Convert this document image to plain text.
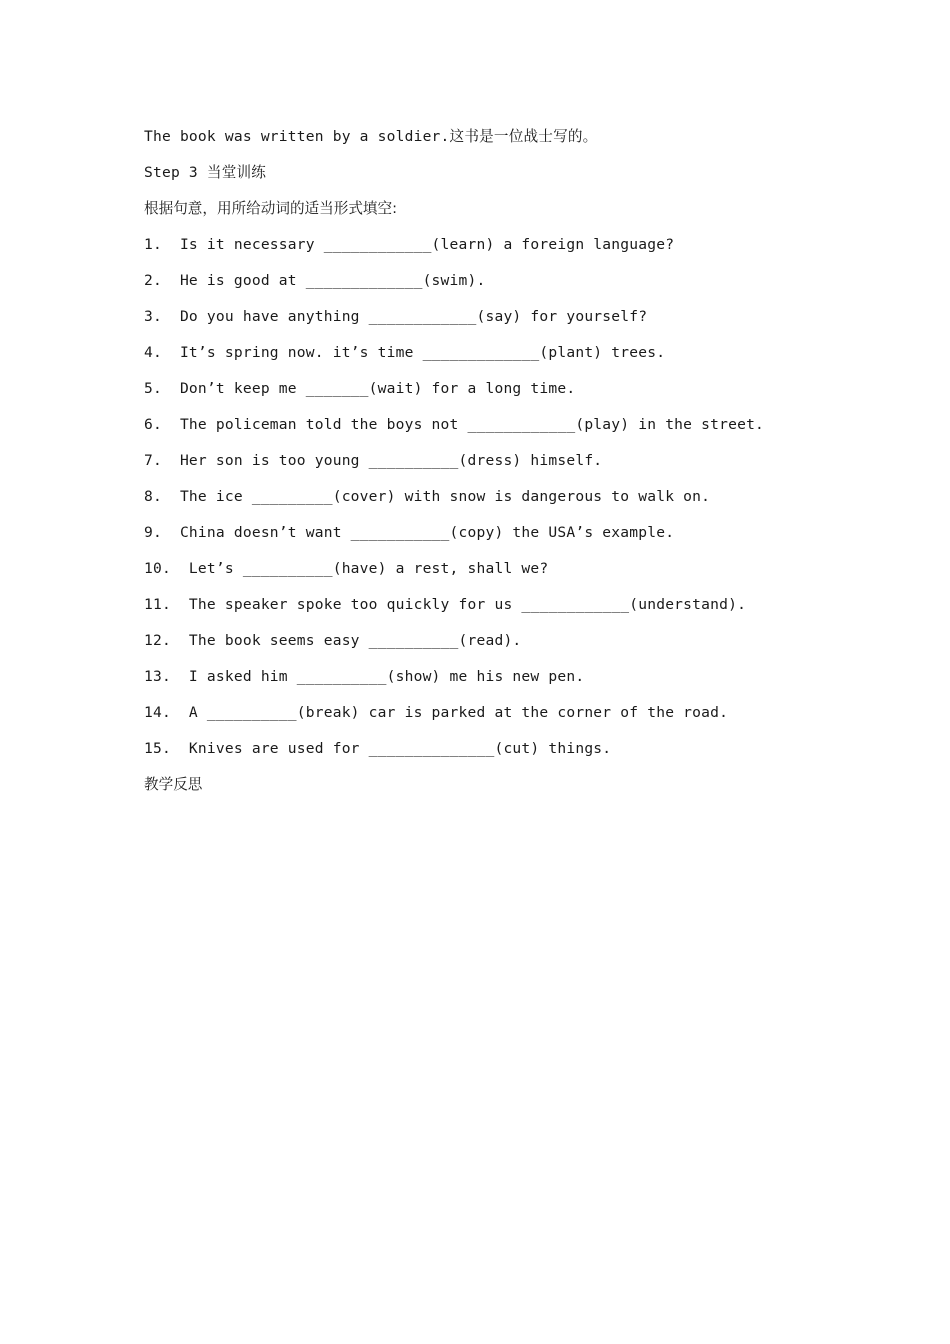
The book was written by a soldier.这书是一位战士写的。
Step 3 当堂训练
根据句意，用所给动词的适当形式填空:
1.  Is it necessary ____________(learn) a foreign language?
2.  He is good at _____________(swim).
3.  Do you have anything ____________(say) for yourself?
4.  It’s spring now. it’s time _____________(plant) trees.
5.  Don’t keep me _______(wait) for a long time.
6.  The policeman told the boys not ____________(play) in the street.
7.  Her son is too young __________(dress) himself.
8.  The ice _________(cover) with snow is dangerous to walk on.
9.  China doesn’t want ___________(copy) the USA’s example.
10.  Let’s __________(have) a rest, shall we?
11.  The speaker spoke too quickly for us ____________(understand).
12.  The book seems easy __________(read).
13.  I asked him __________(show) me his new pen.
14.  A __________(break) car is parked at the corner of the road.
15.  Knives are used for ______________(cut) things.
教学反思
